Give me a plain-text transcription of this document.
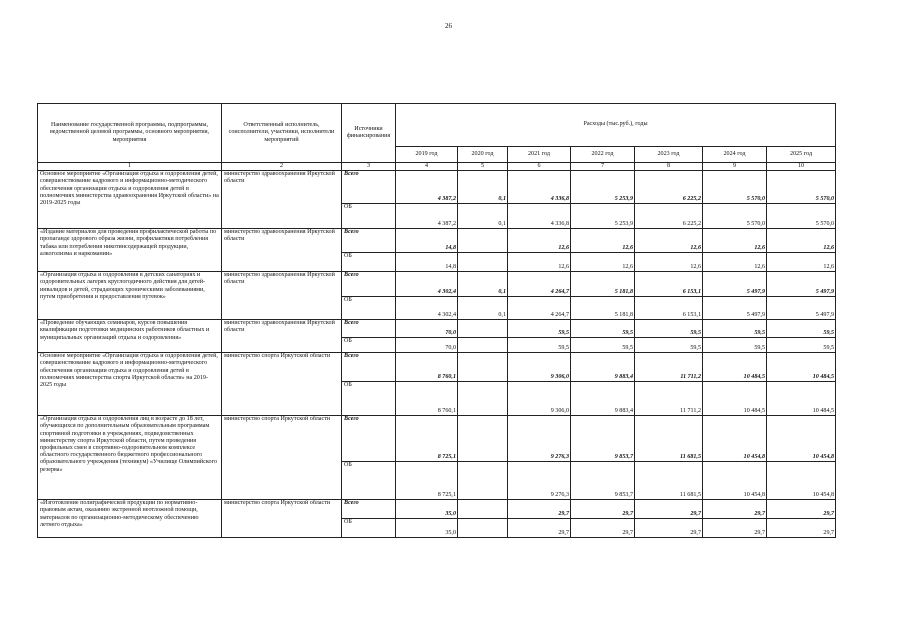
26
Наименование государственной программы, подпрограммы, ведомственной целевой программы, основного мероприятия, мероприятия	Ответственный исполнитель, соисполнители, участники, исполнители мероприятий	Источники финансирования	Расходы (тыс.руб.), годы						
			2019 год	2020 год	2021 год	2022 год	2023 год	2024 год	2025 год
1	2	3	4	5	6	7	8	9	10
Основное мероприятие «Организация отдыха и оздоровления детей, совершенствование кадрового и информационно-методического обеспечения организации отдыха и оздоровления детей в полномочиях министерства здравоохранения Иркутской области» на 2019-2025 годы	министерство здравоохранения Иркутской области	Всего	4 387,2	0,1	4 336,8	5 253,9	6 225,2	5 570,0	5 570,0
		ОБ	4 387,2	0,1	4 336,8	5 253,9	6 225,2	5 570,0	5 570,0
«Издание материалов для проведения профилактической работы по пропаганде здорового образа жизни, профилактики потребления табака или потребления никотинсодержащей продукции, алкоголизма и наркомании»	министерство здравоохранения Иркутской области	Всего	14,8		12,6	12,6	12,6	12,6	12,6
		ОБ	14,8		12,6	12,6	12,6	12,6	12,6
«Организация отдыха и оздоровления в детских санаториях и оздоровительных лагерях круглогодичного действия для детей-инвалидов и детей, страдающих хроническими заболеваниями, путем приобретения и предоставления путевок»	министерство здравоохранения Иркутской области	Всего	4 302,4	0,1	4 264,7	5 181,8	6 153,1	5 497,9	5 497,9
		ОБ	4 302,4	0,1	4 264,7	5 181,8	6 153,1	5 497,9	5 497,9
«Проведение обучающих семинаров, курсов повышения квалификации подготовки медицинских работников областных и муниципальных организаций отдыха и оздоровления»	министерство здравоохранения Иркутской области	Всего	70,0		59,5	59,5	59,5	59,5	59,5
		ОБ	70,0		59,5	59,5	59,5	59,5	59,5
Основное мероприятие «Организация отдыха и оздоровления детей, совершенствование кадрового и информационно-методического обеспечения организации отдыха и оздоровления детей в полномочиях министерства спорта Иркутской области» на 2019-2025 годы	министерство спорта Иркутской области	Всего	8 760,1		9 306,0	9 883,4	11 711,2	10 484,5	10 484,5
		ОБ	8 760,1		9 306,0	9 883,4	11 711,2	10 484,5	10 484,5
«Организация отдыха и оздоровления лиц в возрасте до 18 лет, обучающихся по дополнительным образовательным программам спортивной подготовки в учреждениях, подведомственных министерству спорта Иркутской области, путем проведения профильных смен в спортивно-оздоровительном комплексе областного государственного бюджетного профессионального образовательного учреждения (техникум) «Училище Олимпийского резерва»	министерство спорта Иркутской области	Всего	8 725,1		9 276,3	9 853,7	11 681,5	10 454,8	10 454,8
		ОБ	8 725,1		9 276,3	9 853,7	11 681,5	10 454,8	10 454,8
«Изготовление полиграфической продукции по нормативно-правовым актам, оказанию экстренной неотложной помощи, материалов по организационно-методическому обеспечению летнего отдыха»	министерство спорта Иркутской области	Всего	35,0		29,7	29,7	29,7	29,7	29,7
		ОБ	35,0		29,7	29,7	29,7	29,7	29,7
